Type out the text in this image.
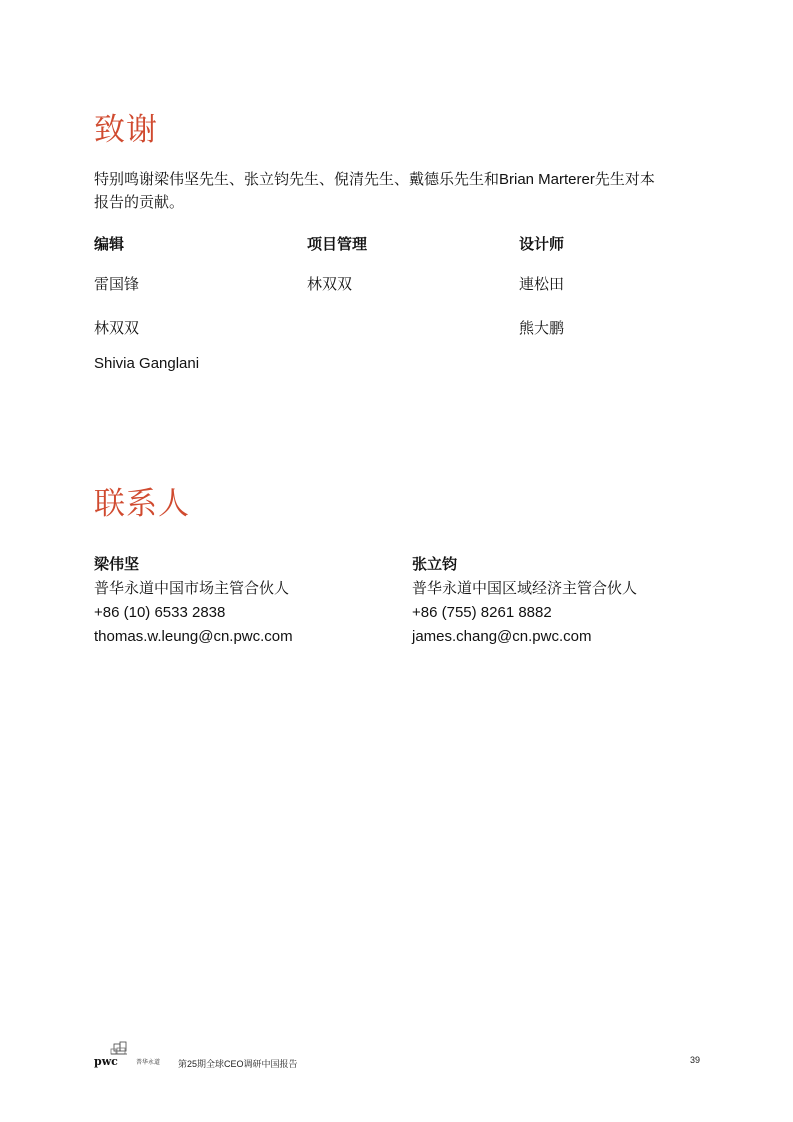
致谢

特别鸣谢梁伟坚先生、张立钧先生、倪清先生、戴德乐先生和Brian Marterer先生对本
报告的贡献。

编辑
雷国锋
林双双
Shivia Ganglani
项目管理
林双双
设计师
連松田
熊大鹏
联系人
梁伟坚
普华永道中国市场主管合伙人
+86 (10) 6533 2838
thomas.w.leung@cn.pwc.com
张立钧
普华永道中国区域经济主管合伙人
+86 (755) 8261 8882
james.chang@cn.pwc.com
pwc	普华永道 第25期全球CEO调研中国报告	39
